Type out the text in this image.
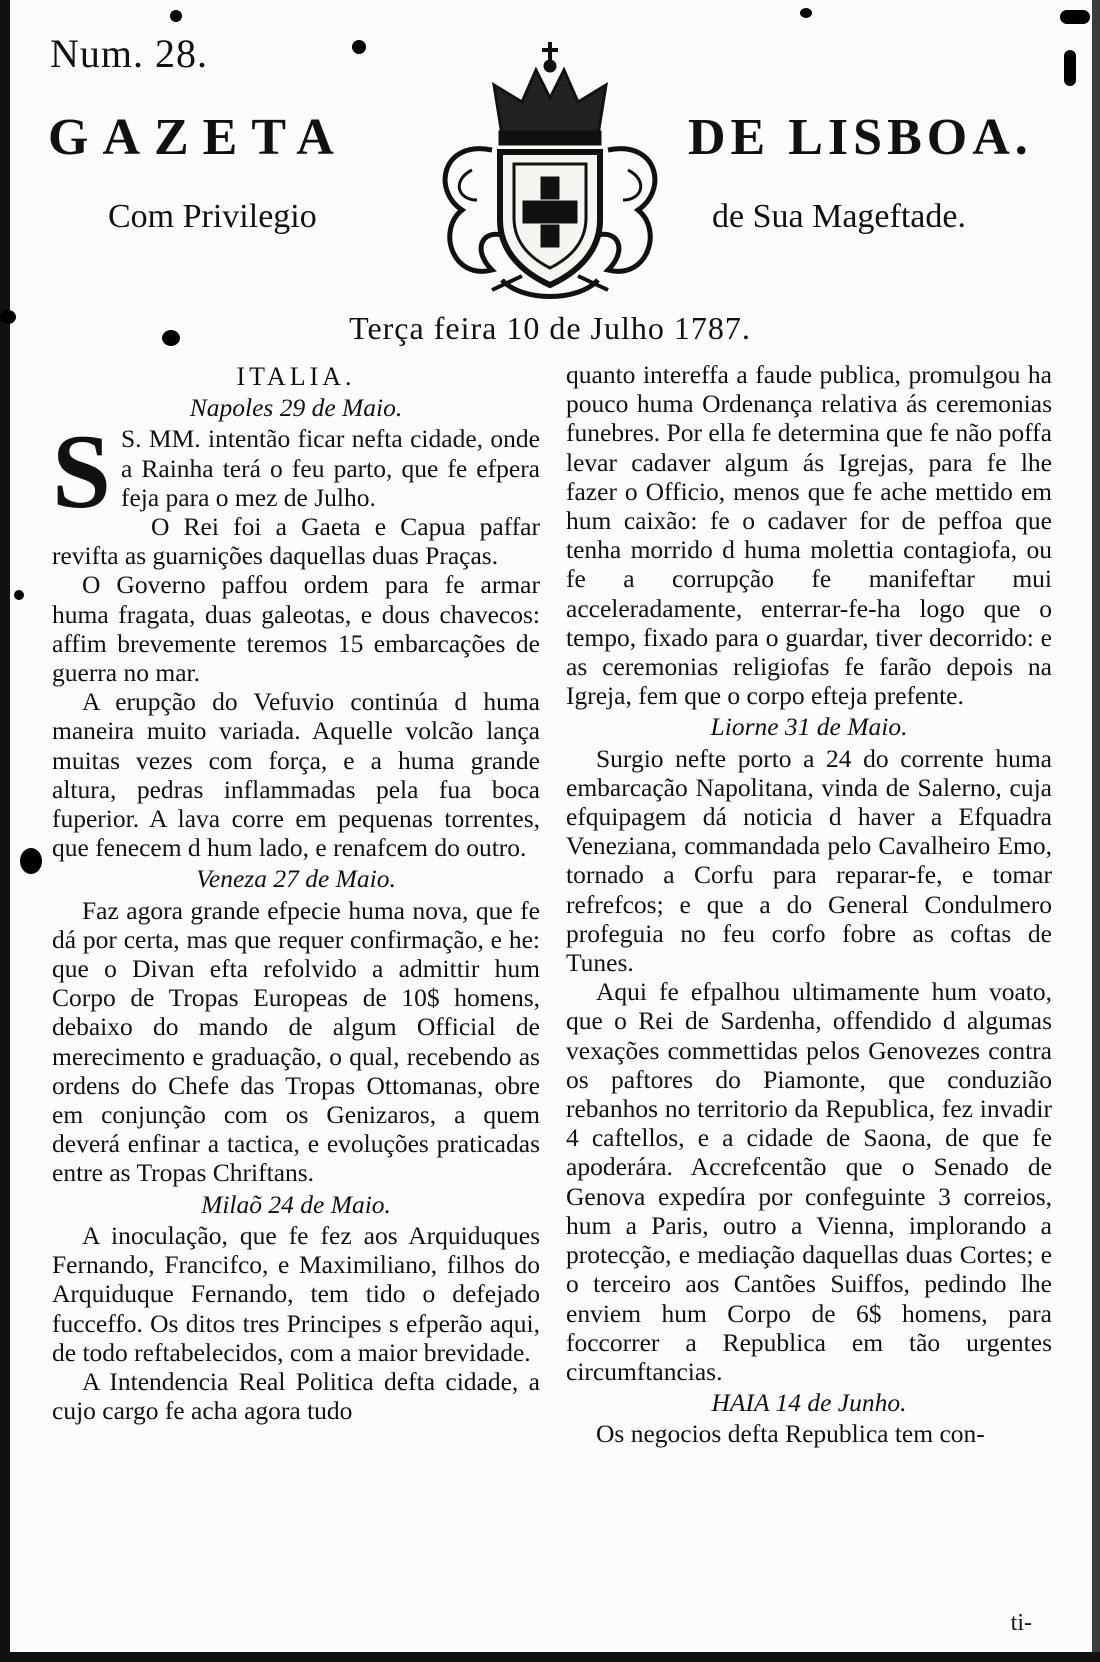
Num. 28.
GAZETA	DE LISBOA.
Com Privilegio	de Sua Mageftade.
Terça feira 10 de Julho 1787.

ITALIA.

Napoles 29 de Maio.

S S. MM. intentão ficar nefta cidade, onde a Rainha terá o feu parto, que fe efpera feja para o mez de Julho.

O Rei foi a Gaeta e Capua paffar revifta as guarnições daquellas duas Praças.

O Governo paffou ordem para fe armar huma fragata, duas galeotas, e dous chavecos: affim brevemente teremos 15 embarcações de guerra no mar.

A erupção do Vefuvio continúa d huma maneira muito variada. Aquelle volcão lança muitas vezes com força, e a huma grande altura, pedras inflammadas pela fua boca fuperior. A lava corre em pequenas torrentes, que fenecem d hum lado, e renafcem do outro.

Veneza 27 de Maio.

Faz agora grande efpecie huma nova, que fe dá por certa, mas que requer confirmação, e he: que o Divan efta refolvido a admittir hum Corpo de Tropas Europeas de 10$ homens, debaixo do mando de algum Official de merecimento e graduação, o qual, recebendo as ordens do Chefe das Tropas Ottomanas, obre em conjunção com os Genizaros, a quem deverá enfinar a tactica, e evoluções praticadas entre as Tropas Chriftans.

Milaõ 24 de Maio.

A inoculação, que fe fez aos Arquiduques Fernando, Francifco, e Maximiliano, filhos do Arquiduque Fernando, tem tido o defejado fucceffo. Os ditos tres Principes s efperão aqui, de todo reftabelecidos, com a maior brevidade.

A Intendencia Real Politica defta cidade, a cujo cargo fe acha agora tudo

quanto intereffa a faude publica, promulgou ha pouco huma Ordenança relativa ás ceremonias funebres. Por ella fe determina que fe não poffa levar cadaver algum ás Igrejas, para fe lhe fazer o Officio, menos que fe ache mettido em hum caixão: fe o cadaver for de peffoa que tenha morrido d huma molettia contagiofa, ou fe a corrupção fe manifeftar mui acceleradamente, enterrar-fe-ha logo que o tempo, fixado para o guardar, tiver decorrido: e as ceremonias religiofas fe farão depois na Igreja, fem que o corpo efteja prefente.

Liorne 31 de Maio.

Surgio nefte porto a 24 do corrente huma embarcação Napolitana, vinda de Salerno, cuja efquipagem dá noticia d haver a Efquadra Veneziana, commandada pelo Cavalheiro Emo, tornado a Corfu para reparar-fe, e tomar refrefcos; e que a do General Condulmero profeguia no feu corfo fobre as coftas de Tunes.

Aqui fe efpalhou ultimamente hum voato, que o Rei de Sardenha, offendido d algumas vexações commettidas pelos Genovezes contra os paftores do Piamonte, que conduzião rebanhos no territorio da Republica, fez invadir 4 caftellos, e a cidade de Saona, de que fe apoderára. Accrefcentão que o Senado de Genova expedíra por confeguinte 3 correios, hum a Paris, outro a Vienna, implorando a protecção, e mediação daquellas duas Cortes; e o terceiro aos Cantões Suiffos, pedindo lhe enviem hum Corpo de 6$ homens, para foccorrer a Republica em tão urgentes circumftancias.

HAIA 14 de Junho.

Os negocios defta Republica tem con-

ti-
